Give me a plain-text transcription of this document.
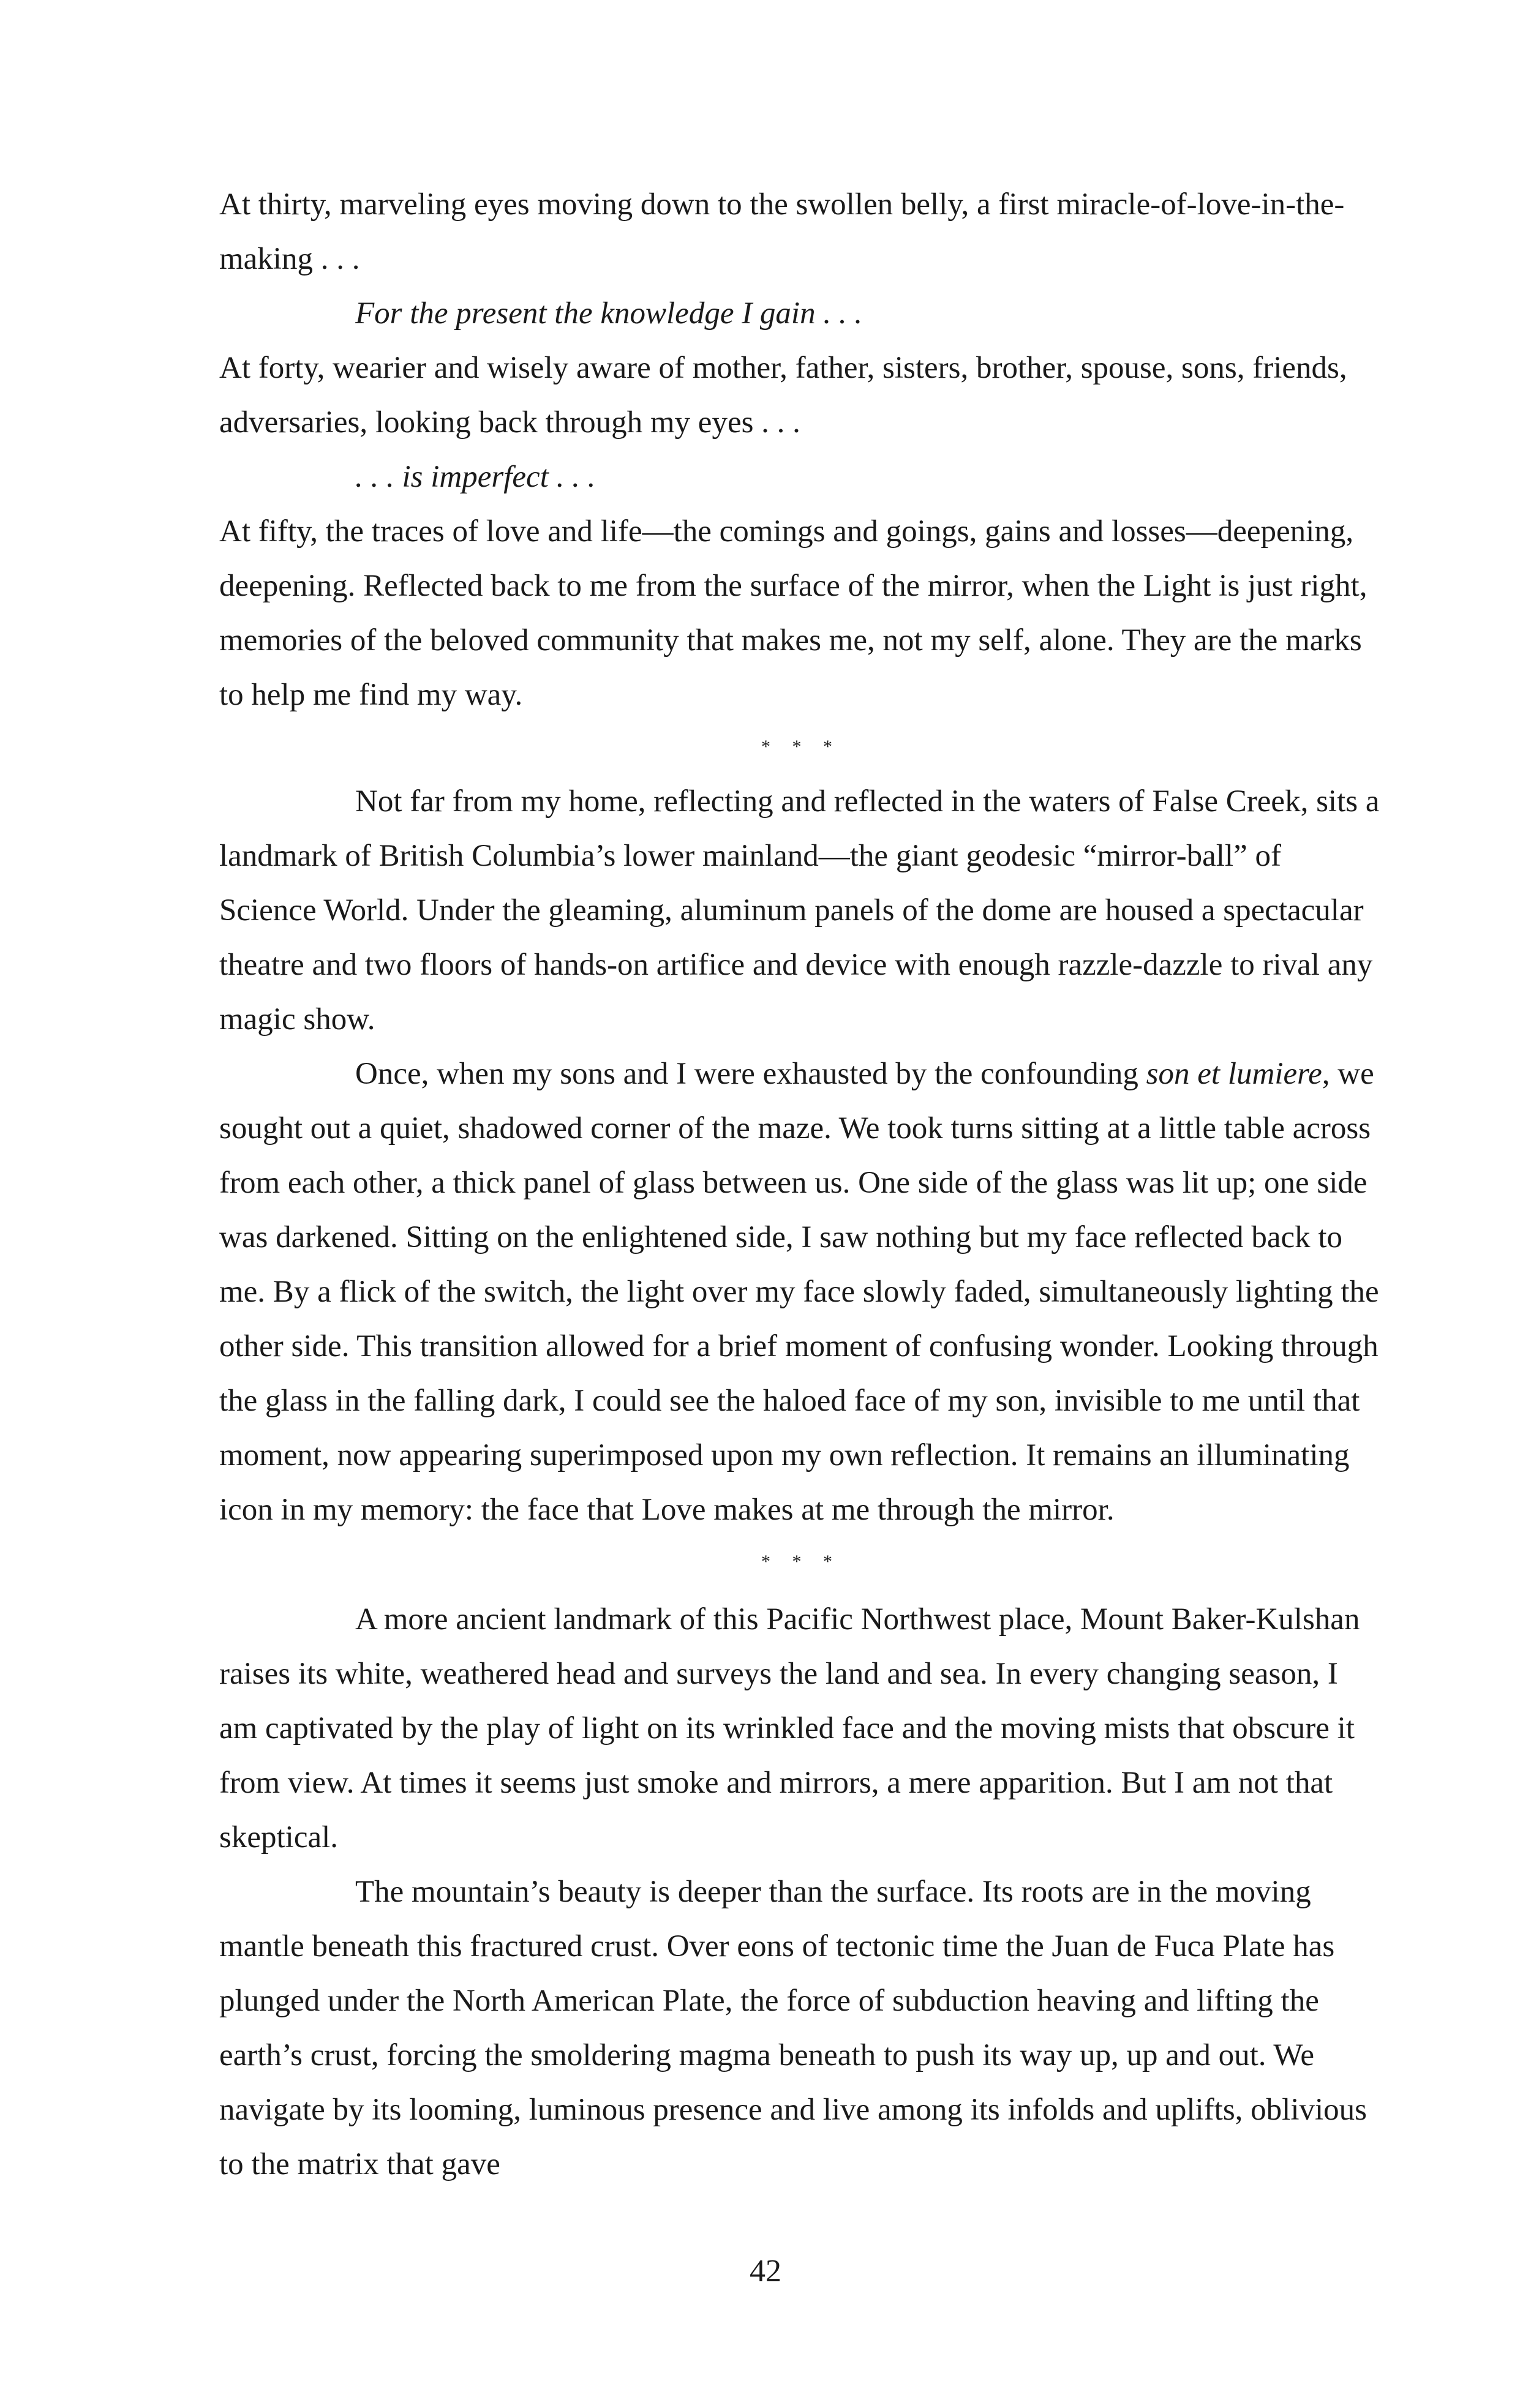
At thirty, marveling eyes moving down to the swollen belly, a first miracle-of-love-in-the-making . . .

For the present the knowledge I gain . . .

At forty, wearier and wisely aware of mother, father, sisters, brother, spouse, sons, friends, adversaries, looking back through my eyes . . .

. . . is imperfect . . .

At fifty, the traces of love and life—the comings and goings, gains and losses—deepening, deepening. Reflected back to me from the surface of the mirror, when the Light is just right, memories of the beloved community that makes me, not my self, alone. They are the marks to help me find my way.

* * *

Not far from my home, reflecting and reflected in the waters of False Creek, sits a landmark of British Columbia’s lower mainland—the giant geodesic “mirror-ball” of Science World. Under the gleaming, aluminum panels of the dome are housed a spectacular theatre and two floors of hands-on artifice and device with enough razzle-dazzle to rival any magic show.

Once, when my sons and I were exhausted by the confounding son et lumiere, we sought out a quiet, shadowed corner of the maze. We took turns sitting at a little table across from each other, a thick panel of glass between us. One side of the glass was lit up; one side was darkened. Sitting on the enlightened side, I saw nothing but my face reflected back to me. By a flick of the switch, the light over my face slowly faded, simultaneously lighting the other side. This transition allowed for a brief moment of confusing wonder. Looking through the glass in the falling dark, I could see the haloed face of my son, invisible to me until that moment, now appearing superimposed upon my own reflection. It remains an illuminating icon in my memory: the face that Love makes at me through the mirror.

* * *

A more ancient landmark of this Pacific Northwest place, Mount Baker-Kulshan raises its white, weathered head and surveys the land and sea. In every changing season, I am captivated by the play of light on its wrinkled face and the moving mists that obscure it from view. At times it seems just smoke and mirrors, a mere apparition. But I am not that skeptical.

The mountain’s beauty is deeper than the surface. Its roots are in the moving mantle beneath this fractured crust. Over eons of tectonic time the Juan de Fuca Plate has plunged under the North American Plate, the force of subduction heaving and lifting the earth’s crust, forcing the smoldering magma beneath to push its way up, up and out. We navigate by its looming, luminous presence and live among its infolds and uplifts, oblivious to the matrix that gave

42
